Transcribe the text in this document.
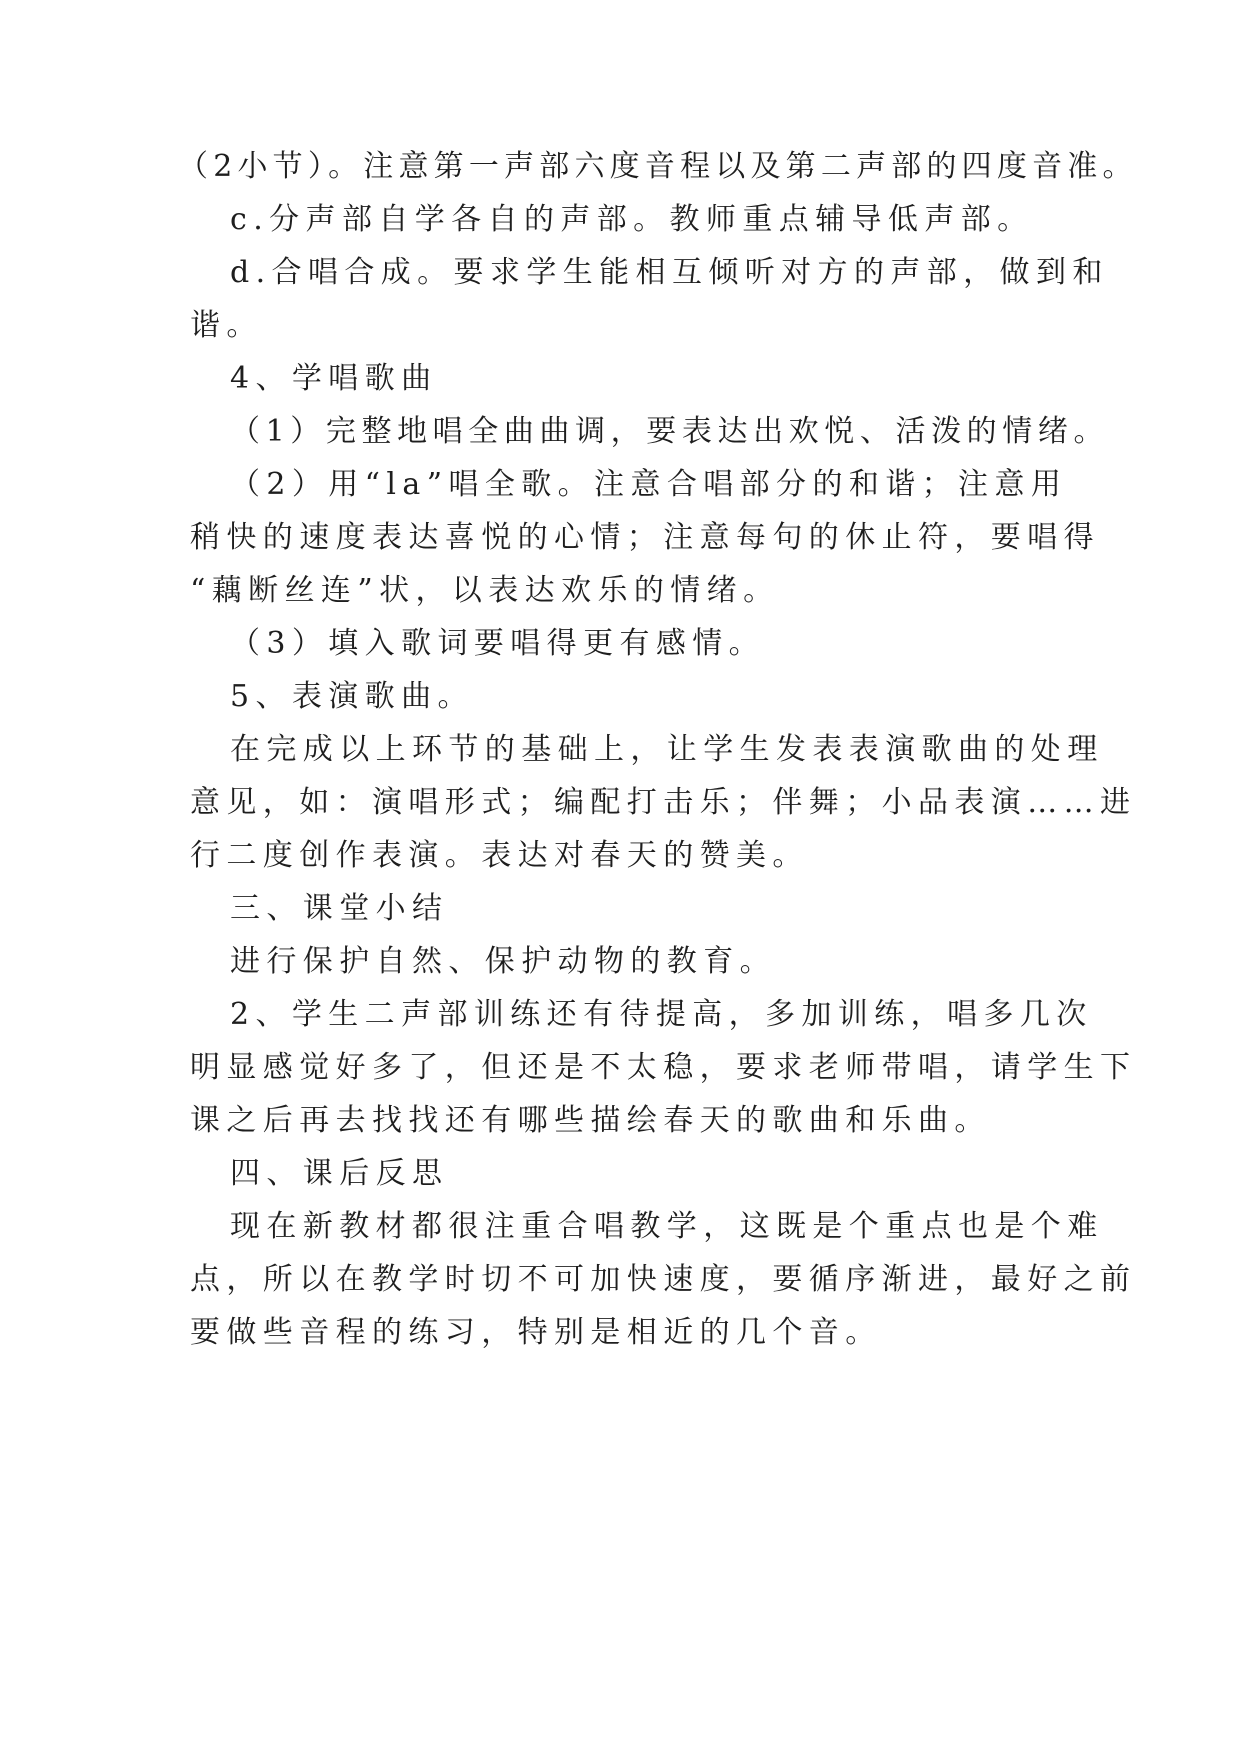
（2小节）。注意第一声部六度音程以及第二声部的四度音准。
c.分声部自学各自的声部。教师重点辅导低声部。
d.合唱合成。要求学生能相互倾听对方的声部，做到和
谐。
4、学唱歌曲
（1）完整地唱全曲曲调，要表达出欢悦、活泼的情绪。
（2）用“la”唱全歌。注意合唱部分的和谐；注意用
稍快的速度表达喜悦的心情；注意每句的休止符，要唱得
“藕断丝连”状，以表达欢乐的情绪。
（3）填入歌词要唱得更有感情。
5、表演歌曲。
在完成以上环节的基础上，让学生发表表演歌曲的处理
意见，如：演唱形式；编配打击乐；伴舞；小品表演……进
行二度创作表演。表达对春天的赞美。
三、课堂小结
进行保护自然、保护动物的教育。
2、学生二声部训练还有待提高，多加训练，唱多几次
明显感觉好多了，但还是不太稳，要求老师带唱，请学生下
课之后再去找找还有哪些描绘春天的歌曲和乐曲。
四、课后反思
现在新教材都很注重合唱教学，这既是个重点也是个难
点，所以在教学时切不可加快速度，要循序渐进，最好之前
要做些音程的练习，特别是相近的几个音。
